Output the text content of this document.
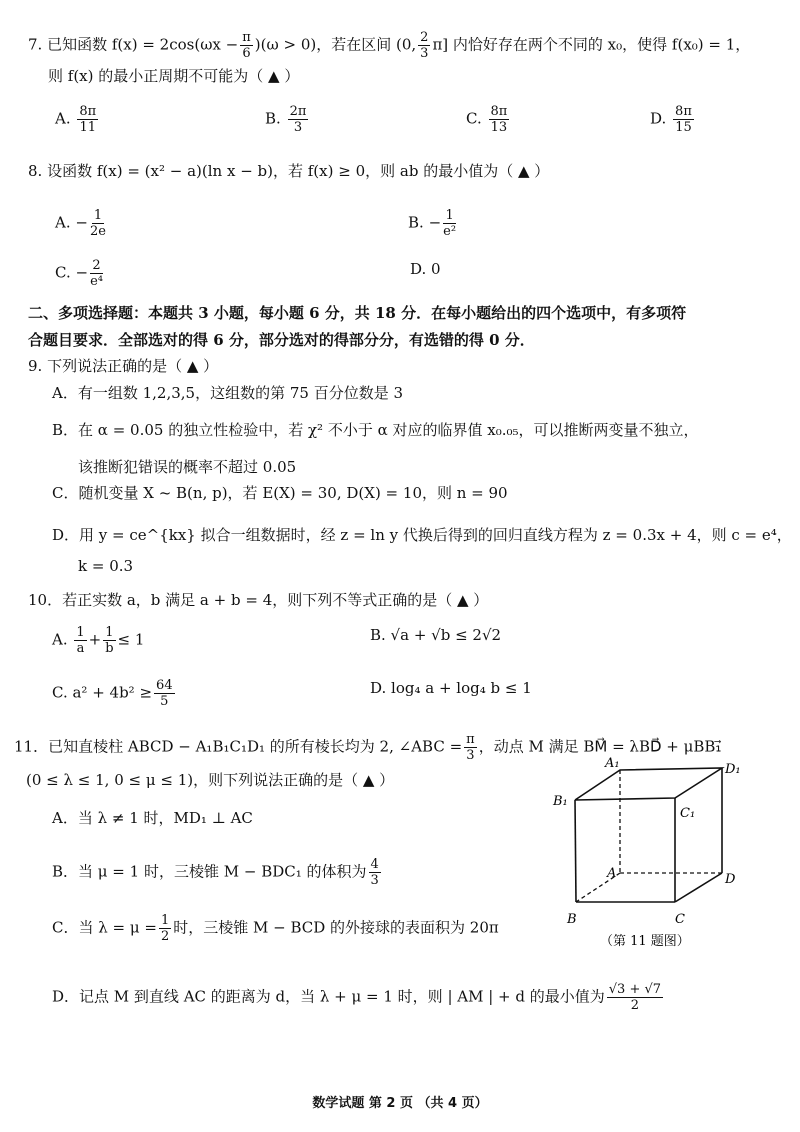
7. 已知函数 $f(x) = 2\cos(\omega x - \frac{\pi}{6} )(\omega > 0)$，若在区间 (0, $\frac{2}{3} \pi$] 内恰好存在两个不同的 x₀，使得 f(x₀) = 1，
则 f(x) 的最小正周期不可能为（ ▲ ）
A. $\frac{8\pi}{11}$	B. $\frac{2\pi}{3}$	C. $\frac{8\pi}{13}$	D. $\frac{8\pi}{15}$
8. 设函数 f(x) = (x² − a)(ln x − b)，若 f(x) ≥ 0，则 ab 的最小值为（ ▲ ）
A. − $\frac{1}{2e}$	B. − $\frac{1}{\text{e²}}$
C. − $\frac{2}{\text{e⁴}}$	D. 0
二、多项选择题：本题共 3 小题，每小题 6 分，共 18 分．在每小题给出的四个选项中，有多项符
合题目要求．全部选对的得 6 分，部分选对的得部分分，有选错的得 0 分．
9. 下列说法正确的是（ ▲ ）
A．有一组数 1,2,3,5，这组数的第 75 百分位数是 3
B．在 α = 0.05 的独立性检验中，若 χ² 不小于 α 对应的临界值 x₀.₀₅，可以推断两变量不独立，
该推断犯错误的概率不超过 0.05
C．随机变量 X ~ B(n, p)，若 E(X) = 30, D(X) = 10，则 n = 90
D．用 y = ce^{kx} 拟合一组数据时，经 z = ln y 代换后得到的回归直线方程为 z = 0.3x + 4，则 c = e⁴，
k = 0.3
10．若正实数 a，b 满足 a + b = 4，则下列不等式正确的是（ ▲ ）
A. $\frac{1}{a} + \frac{1}{b} \le 1$	B. √a + √b ≤ 2√2
C. $a^2 + 4b^2 \ge \frac{64}{5}$	D. log₄ a + log₄ b ≤ 1
11．已知直棱柱 ABCD − A₁B₁C₁D₁ 的所有棱长均为 2, ∠ABC = $\frac{\pi}{3}$ ，动点 M 满足 BM⃗ = λBD⃗ + μBB₁⃗
(0 ≤ λ ≤ 1, 0 ≤ μ ≤ 1)，则下列说法正确的是（ ▲ ）
A．当 λ ≠ 1 时，MD₁ ⊥ AC
B．当 μ = 1 时，三棱锥 M − BDC₁ 的体积为 $\frac{4}{3}$
C．当 $\lambda = \mu = \frac{1}{2}$ 时，三棱锥 M − BCD 的外接球的表面积为 20π
D．记点 M 到直线 AC 的距离为 d，当 λ + μ = 1 时，则 | AM | + d 的最小值为 $\frac{√3 + √7}{2}$
A₁	D₁
B₁
C₁
A	D
B	C
（第 11 题图）
数学试题 第 2 页 （共 4 页）
